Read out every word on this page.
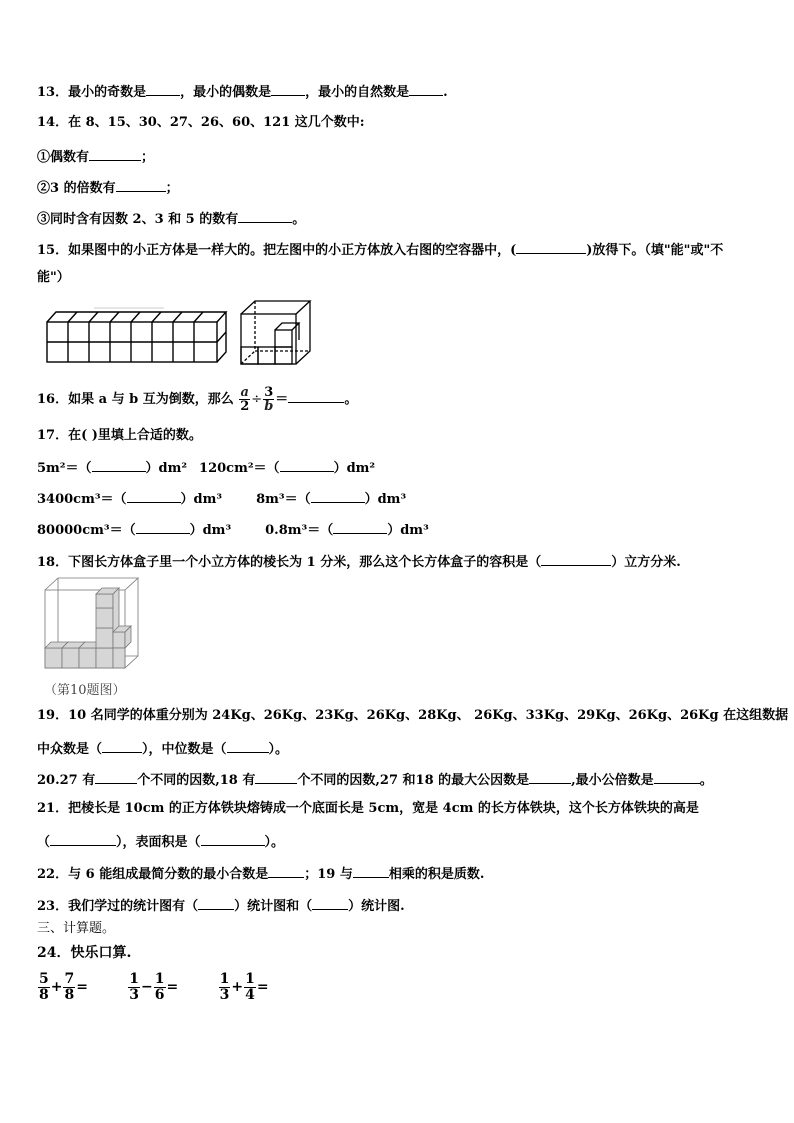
13．最小的奇数是	，最小的偶数是	，最小的自然数是	.
14．在 8、15、30、27、26、60、121 这几个数中:
①偶数有	；
②3 的倍数有	；
③同时含有因数 2、3 和 5 的数有	。
15．如果图中的小正方体是一样大的。把左图中的小正方体放入右图的空容器中，(	)放得下。（填"能"或"不
能"）
16．如果 a 与 b 互为倒数，那么 $\frac{a}{2} \div \frac{3}{b}$ ＝	。
17．在( )里填上合适的数。
5m²＝（	）dm² 120cm²＝（	）dm²
3400cm³＝（	）dm³	8m³＝（	）dm³
80000cm³＝（	）dm³	0.8m³＝（	）dm³
18．下图长方体盒子里一个小立方体的棱长为 1 分米，那么这个长方体盒子的容积是（	）立方分米.
（第10题图）
19．10 名同学的体重分别为 24Kg、26Kg、23Kg、26Kg、28Kg、 26Kg、33Kg、29Kg、26Kg、26Kg 在这组数据
中众数是（	），中位数是（	）。
20.27 有	个不同的因数,18 有	个不同的因数,27 和18 的最大公因数是	,最小公倍数是	。
21．把棱长是 10cm 的正方体铁块熔铸成一个底面长是 5cm，宽是 4cm 的长方体铁块，这个长方体铁块的高是
（	），表面积是（	）。
22．与 6 能组成最简分数的最小合数是	；19 与	相乘的积是质数.
23．我们学过的统计图有（	）统计图和（	）统计图.
三、计算题。
24．快乐口算.
$\frac{5}{8} + \frac{7}{8}$ =	$\frac{1}{3} - \frac{1}{6}$ =	$\frac{1}{3} + \frac{1}{4}$ =
